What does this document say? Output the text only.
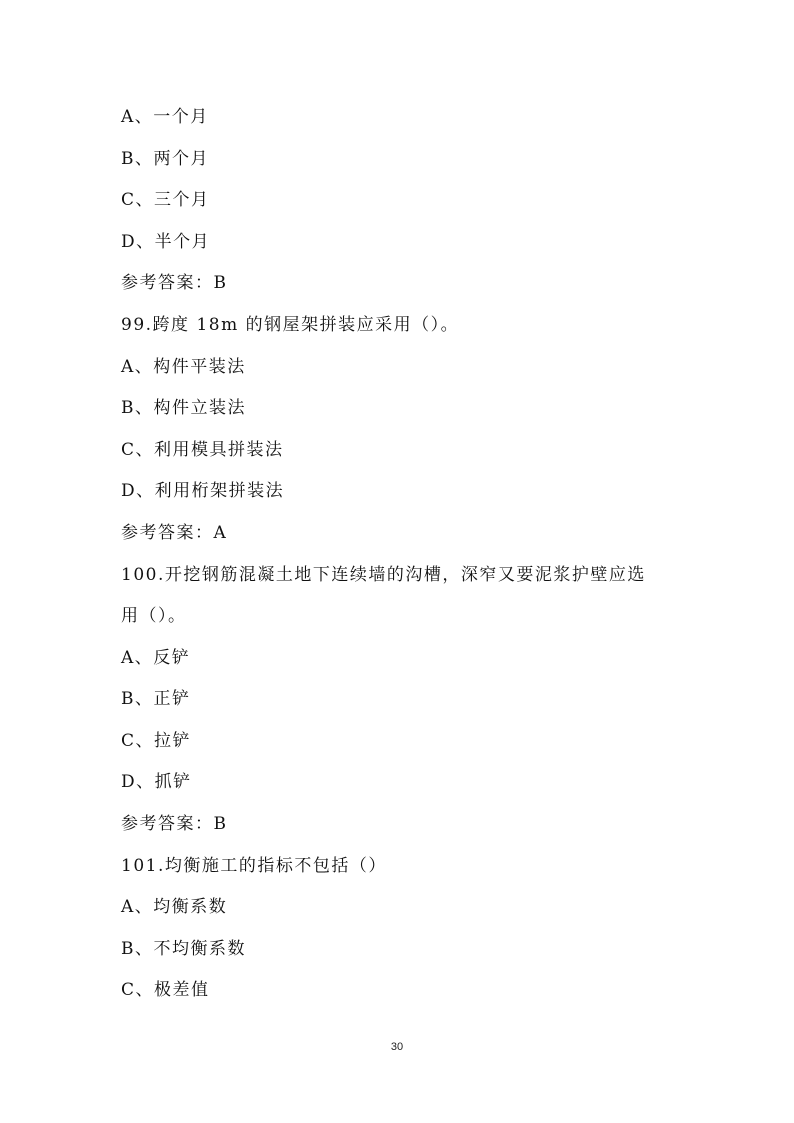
A、一个月
B、两个月
C、三个月
D、半个月
参考答案：B
99.跨度 18m 的钢屋架拼装应采用（）。
A、构件平装法
B、构件立装法
C、利用模具拼装法
D、利用桁架拼装法
参考答案：A
100.开挖钢筋混凝土地下连续墙的沟槽，深窄又要泥浆护壁应选
用（）。
A、反铲
B、正铲
C、拉铲
D、抓铲
参考答案：B
101.均衡施工的指标不包括（）
A、均衡系数
B、不均衡系数
C、极差值
30
